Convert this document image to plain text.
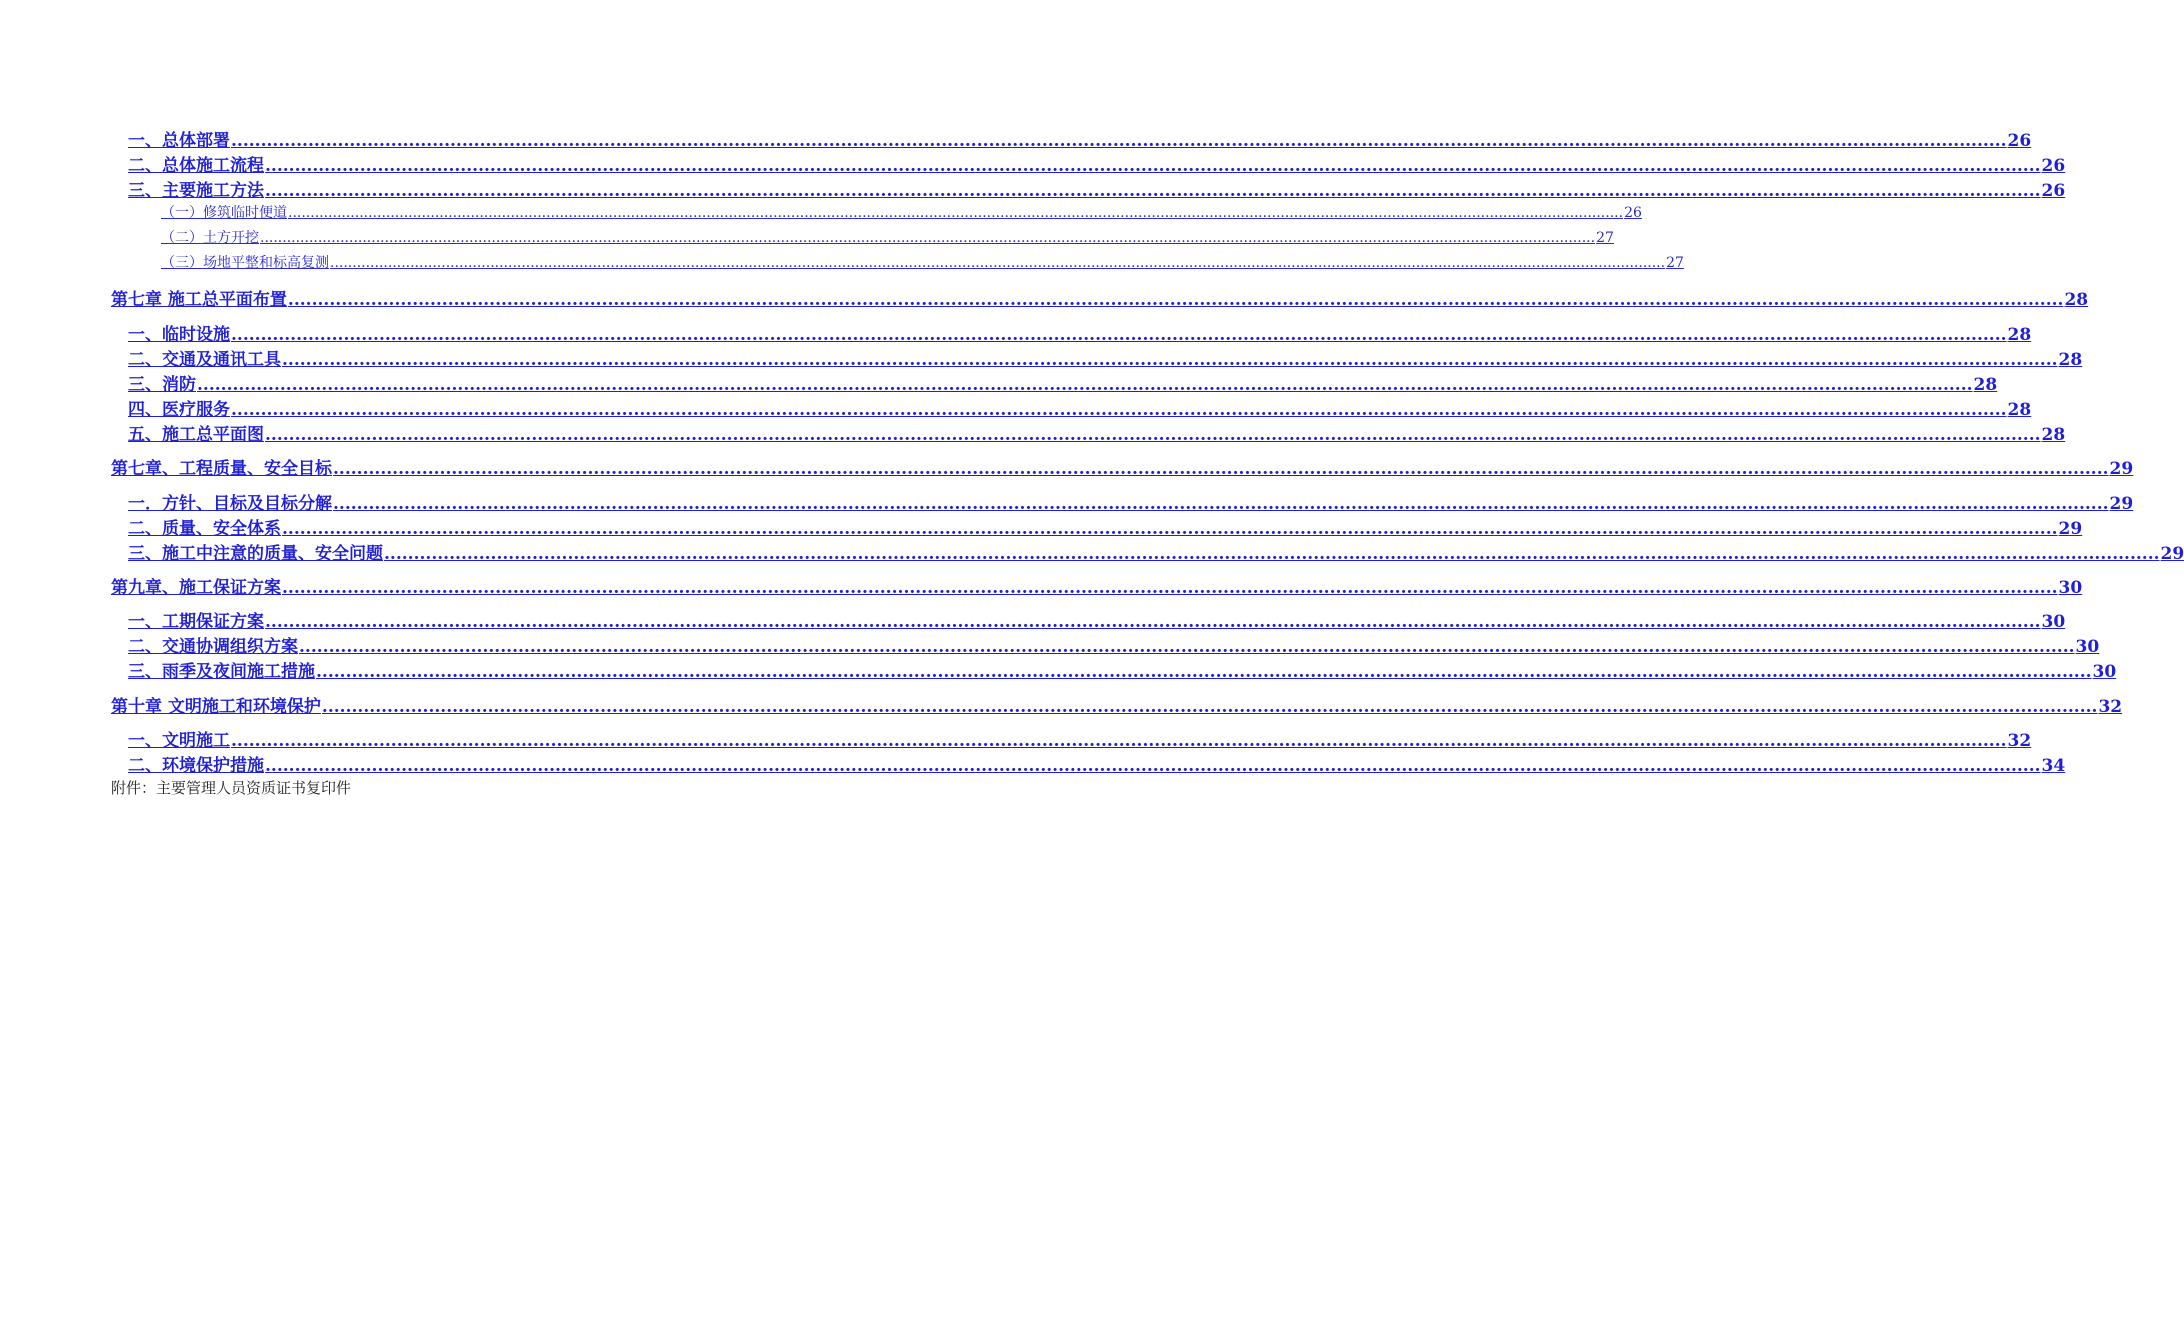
一、总体部署 ............................................................................................................................................................................................................................................................................................................ 26
二、总体施工流程 ............................................................................................................................................................................................................................................................................................................ 26
三、主要施工方法 ............................................................................................................................................................................................................................................................................................................ 26
（一）修筑临时便道 ............................................................................................................................................................................................................................................................................................................ 26
（二）土方开挖 ............................................................................................................................................................................................................................................................................................................ 27
（三）场地平整和标高复测 ............................................................................................................................................................................................................................................................................................................ 27
第七章 施工总平面布置 ............................................................................................................................................................................................................................................................................................................ 28
一、临时设施 ............................................................................................................................................................................................................................................................................................................ 28
二、交通及通讯工具 ............................................................................................................................................................................................................................................................................................................ 28
三、消防 ............................................................................................................................................................................................................................................................................................................ 28
四、医疗服务 ............................................................................................................................................................................................................................................................................................................ 28
五、施工总平面图 ............................................................................................................................................................................................................................................................................................................ 28
第七章、工程质量、安全目标 ............................................................................................................................................................................................................................................................................................................ 29
一．方针、目标及目标分解 ............................................................................................................................................................................................................................................................................................................ 29
二、质量、安全体系 ............................................................................................................................................................................................................................................................................................................ 29
三、施工中注意的质量、安全问题 ............................................................................................................................................................................................................................................................................................................ 29
第九章、施工保证方案 ............................................................................................................................................................................................................................................................................................................ 30
一、工期保证方案 ............................................................................................................................................................................................................................................................................................................ 30
二、交通协调组织方案 ............................................................................................................................................................................................................................................................................................................ 30
三、雨季及夜间施工措施 ............................................................................................................................................................................................................................................................................................................ 30
第十章 文明施工和环境保护 ............................................................................................................................................................................................................................................................................................................ 32
一、文明施工 ............................................................................................................................................................................................................................................................................................................ 32
二、环境保护措施 ............................................................................................................................................................................................................................................................................................................ 34
附件：主要管理人员资质证书复印件
